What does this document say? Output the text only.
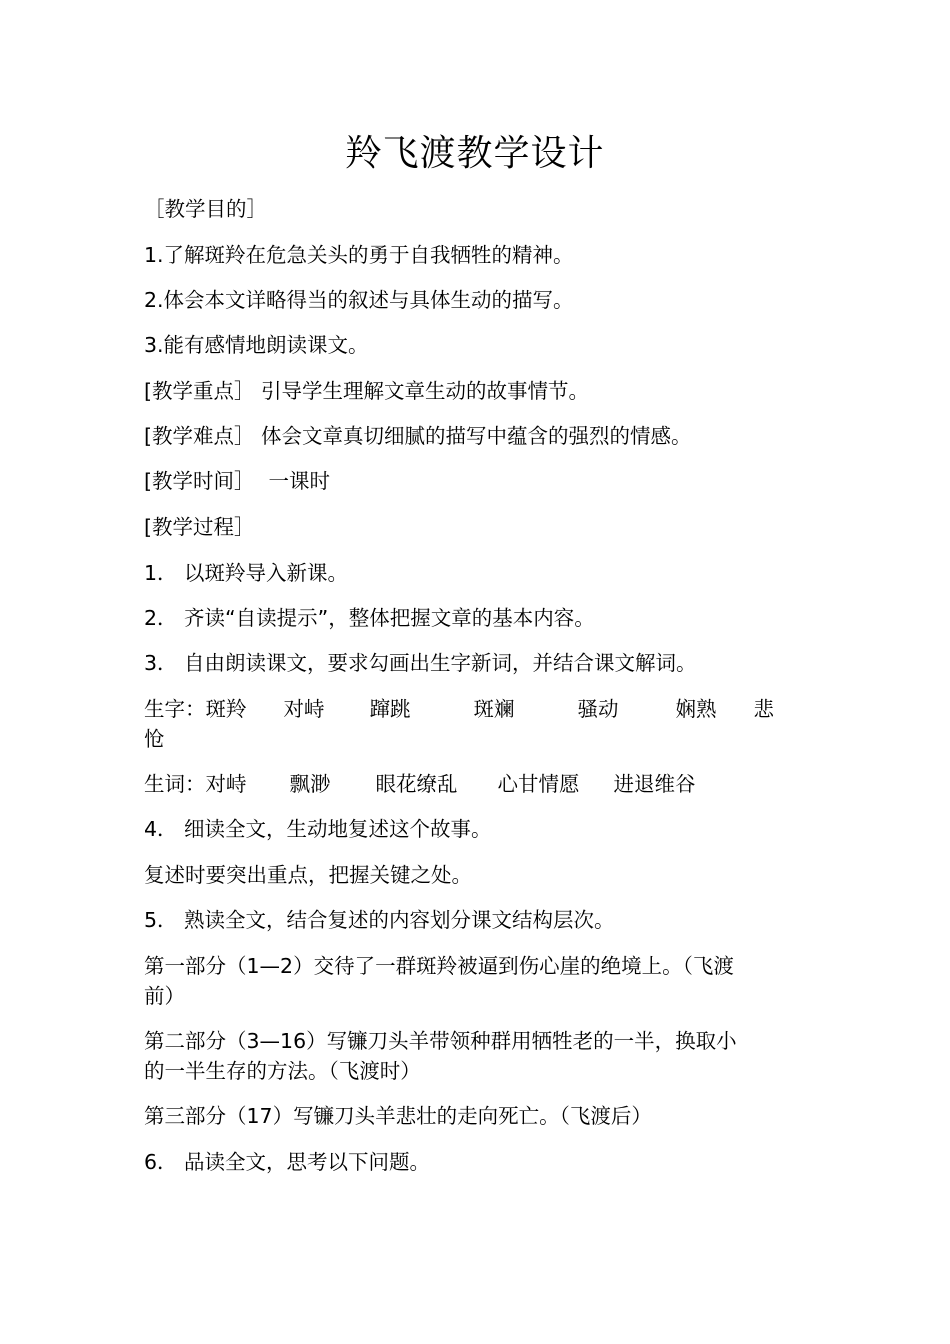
羚飞渡教学设计
［教学目的］
1.了解斑羚在危急关头的勇于自我牺牲的精神。
2.体会本文详略得当的叙述与具体生动的描写。
3.能有感情地朗读课文。
[教学重点］ 引导学生理解文章生动的故事情节。
[教学难点］ 体会文章真切细腻的描写中蕴含的强烈的情感。
[教学时间］ 一课时
[教学过程］
1． 以斑羚导入新课。
2． 齐读“自读提示”，整体把握文章的基本内容。
3． 自由朗读课文，要求勾画出生字新词，并结合课文解词。
生字：斑羚 对峙 蹿跳	斑斓	骚动	娴熟 悲
怆
生词：对峙 飘渺 眼花缭乱 心甘情愿 进退维谷
4． 细读全文，生动地复述这个故事。
复述时要突出重点，把握关键之处。
5． 熟读全文，结合复述的内容划分课文结构层次。
第一部分（1—2）交待了一群斑羚被逼到伤心崖的绝境上。（飞渡
前）
第二部分（3—16）写镰刀头羊带领种群用牺牲老的一半，换取小
的一半生存的方法。（飞渡时）
第三部分（17）写镰刀头羊悲壮的走向死亡。（飞渡后）
6． 品读全文，思考以下问题。
